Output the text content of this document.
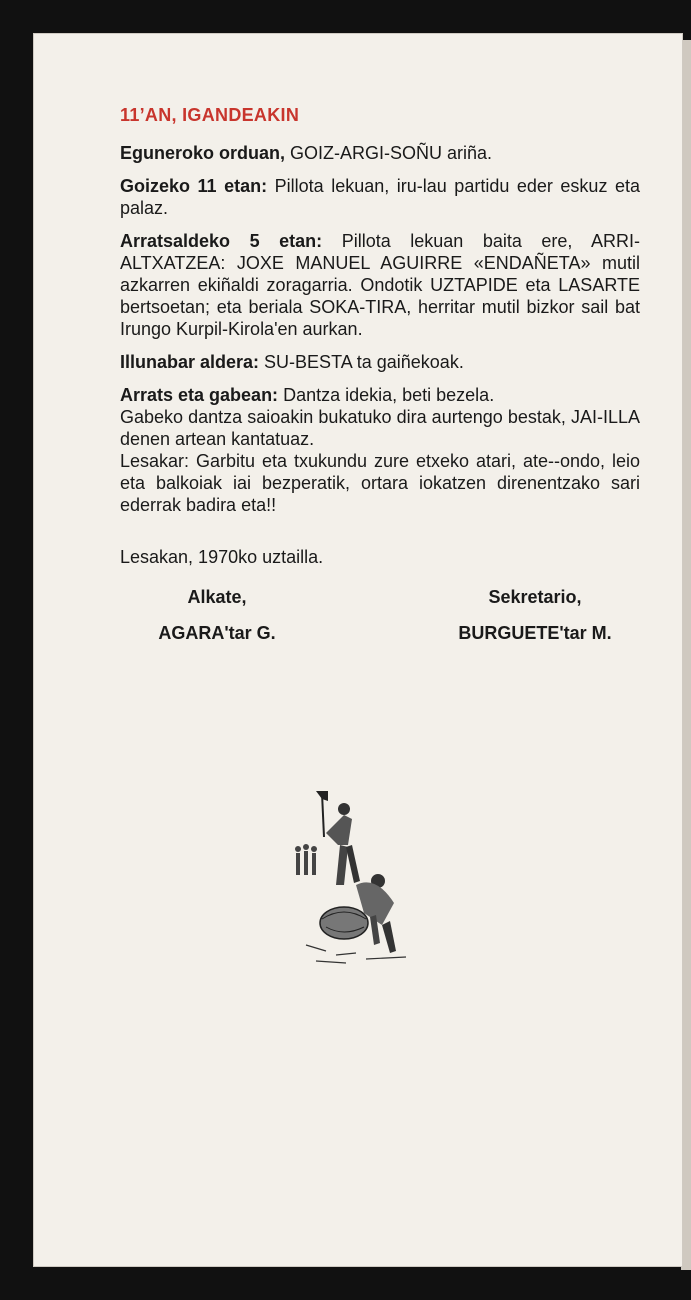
11’AN, IGANDEAKIN

Eguneroko orduan, GOIZ-ARGI-SOÑU ariña.

Goizeko 11 etan: Pillota lekuan, iru-lau partidu eder eskuz eta palaz.

Arratsaldeko 5 etan: Pillota lekuan baita ere, ARRI-ALTXATZEA: JOXE MANUEL AGUIRRE «ENDAÑETA» mutil azkarren ekiñaldi zoragarria. Ondotik UZTAPIDE eta LASARTE bertsoetan; eta beriala SOKA-TIRA, herritar mutil bizkor sail bat Irungo Kurpil-Kirola'en aurkan.

Illunabar aldera: SU-BESTA ta gaiñekoak.

Arrats eta gabean: Dantza idekia, beti bezela.
Gabeko dantza saioakin bukatuko dira aurtengo bestak, JAI-ILLA denen artean kantatuaz.
Lesakar: Garbitu eta txukundu zure etxeko atari, ate--ondo, leio eta balkoiak iai bezperatik, ortara iokatzen direnentzako sari ederrak badira eta!!

Lesakan, 1970ko uztailla.

Alkate,
AGARA'tar G.
Sekretario,
BURGUETE'tar M.
